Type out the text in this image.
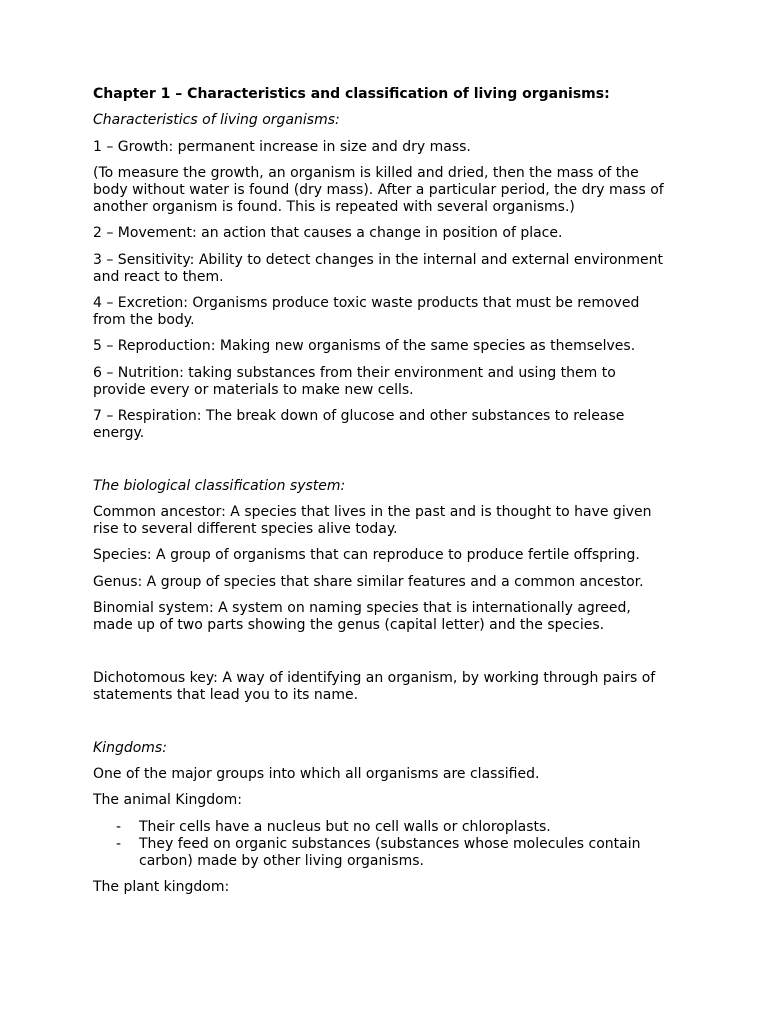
Chapter 1 – Characteristics and classification of living organisms:
Characteristics of living organisms:
1 – Growth: permanent increase in size and dry mass.
(To measure the growth, an organism is killed and dried, then the mass of the
body without water is found (dry mass). After a particular period, the dry mass of
another organism is found. This is repeated with several organisms.)
2 – Movement: an action that causes a change in position of place.
3 – Sensitivity: Ability to detect changes in the internal and external environment
and react to them.
4 – Excretion: Organisms produce toxic waste products that must be removed
from the body.
5 – Reproduction: Making new organisms of the same species as themselves.
6 – Nutrition: taking substances from their environment and using them to
provide every or materials to make new cells.
7 – Respiration: The break down of glucose and other substances to release
energy.
The biological classification system:
Common ancestor: A species that lives in the past and is thought to have given
rise to several different species alive today.
Species: A group of organisms that can reproduce to produce fertile offspring.
Genus: A group of species that share similar features and a common ancestor.
Binomial system: A system on naming species that is internationally agreed,
made up of two parts showing the genus (capital letter) and the species.
Dichotomous key: A way of identifying an organism, by working through pairs of
statements that lead you to its name.
Kingdoms:
One of the major groups into which all organisms are classified.
The animal Kingdom:
- Their cells have a nucleus but no cell walls or chloroplasts.
- They feed on organic substances (substances whose molecules contain
carbon) made by other living organisms.
The plant kingdom:
